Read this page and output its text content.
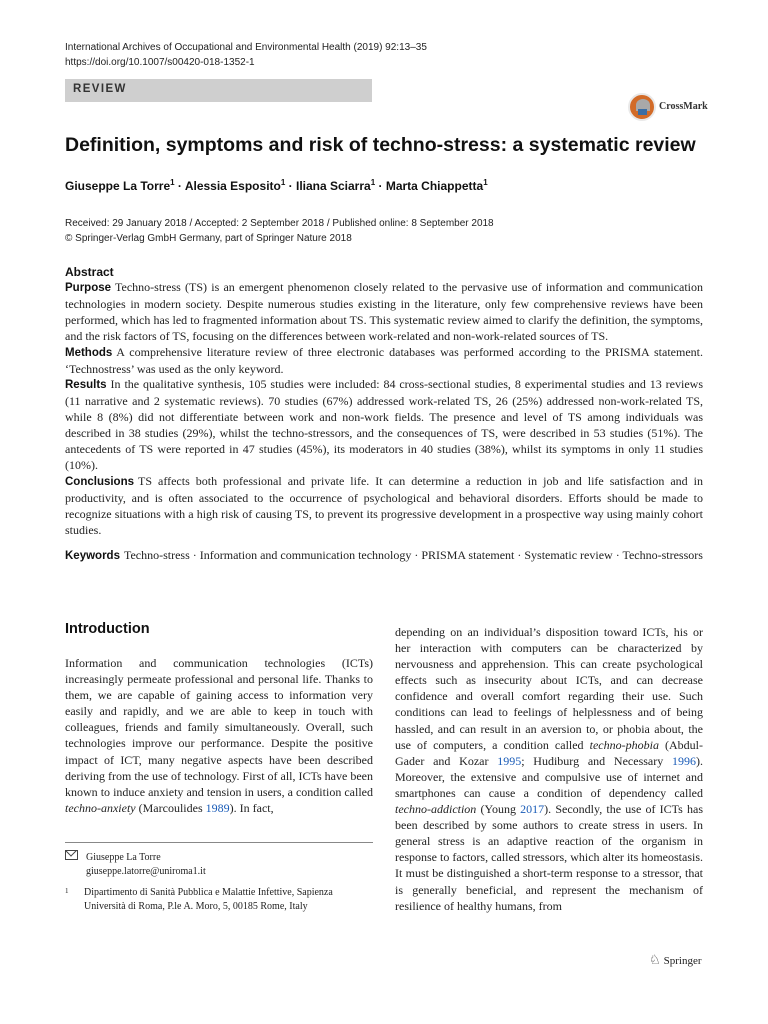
International Archives of Occupational and Environmental Health (2019) 92:13–35
https://doi.org/10.1007/s00420-018-1352-1
REVIEW
CrossMark
Definition, symptoms and risk of techno-stress: a systematic review
Giuseppe La Torre$^1$ · Alessia Esposito$^1$ · Iliana Sciarra$^1$ · Marta Chiappetta$^1$
Received: 29 January 2018 / Accepted: 2 September 2018 / Published online: 8 September 2018
© Springer-Verlag GmbH Germany, part of Springer Nature 2018
Abstract

Purpose Techno-stress (TS) is an emergent phenomenon closely related to the pervasive use of information and communication technologies in modern society. Despite numerous studies existing in the literature, only few comprehensive reviews have been performed, which has led to fragmented information about TS. This systematic review aimed to clarify the definition, the symptoms, and the risk factors of TS, focusing on the differences between work-related and non-work-related sources of TS.

Methods A comprehensive literature review of three electronic databases was performed according to the PRISMA statement. ‘Technostress’ was used as the only keyword.

Results In the qualitative synthesis, 105 studies were included: 84 cross-sectional studies, 8 experimental studies and 13 reviews (11 narrative and 2 systematic reviews). 70 studies (67%) addressed work-related TS, 26 (25%) addressed non-work-related TS, while 8 (8%) did not differentiate between work and non-work fields. The presence and level of TS among individuals was described in 38 studies (29%), whilst the techno-stressors, and the consequences of TS, were described in 53 studies (51%). The antecedents of TS were reported in 47 studies (45%), its moderators in 40 studies (38%), whilst its symptoms in only 11 studies (10%).

Conclusions TS affects both professional and private life. It can determine a reduction in job and life satisfaction and in productivity, and is often associated to the occurrence of psychological and behavioral disorders. Efforts should be made to recognize situations with a high risk of causing TS, to prevent its progressive development in a prospective way using mainly cohort studies.

Keywords Techno-stress · Information and communication technology · PRISMA statement · Systematic review · Techno-stressors

Introduction

Information and communication technologies (ICTs) increasingly permeate professional and personal life. Thanks to them, we are capable of gaining access to information very easily and rapidly, and we are able to keep in touch with colleagues, friends and family simultaneously. Overall, such technologies improve our performance. Despite the positive impact of ICT, many negative aspects have been described deriving from the use of technology. First of all, ICTs have been known to induce anxiety and tension in users, a condition called techno-anxiety (Marcoulides 1989). In fact,

depending on an individual’s disposition toward ICTs, his or her interaction with computers can be characterized by nervousness and apprehension. This can create psychological effects such as insecurity about ICTs, and can decrease confidence and overall comfort regarding their use. Such conditions can lead to feelings of helplessness and of being hassled, and can result in an aversion to, or phobia about, the use of computers, a condition called techno-phobia (Abdul-Gader and Kozar 1995; Hudiburg and Necessary 1996). Moreover, the extensive and compulsive use of internet and smartphones can cause a condition of dependency called techno-addiction (Young 2017). Secondly, the use of ICTs has been described by some authors to create stress in users. In general stress is an adaptive reaction of the organism in response to factors, called stressors, which alter its homeostasis. It must be distinguished a short-term response to a stressor, that is generally beneficial, and represent the mechanism of resilience of healthy humans, from

Giuseppe La Torre
giuseppe.latorre@uniroma1.it
1 Dipartimento di Sanità Pubblica e Malattie Infettive, Sapienza Università di Roma, P.le A. Moro, 5, 00185 Rome, Italy
♘ Springer
